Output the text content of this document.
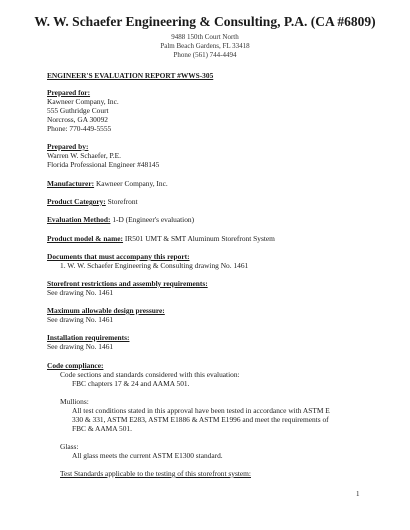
W. W. Schaefer Engineering & Consulting, P.A. (CA #6809)
9488 150th Court North
Palm Beach Gardens, FL 33418
Phone (561) 744-4494
ENGINEER'S EVALUATION REPORT #WWS-305
Prepared for:
Kawneer Company, Inc.
555 Guthridge Court
Norcross, GA 30092
Phone: 770-449-5555
Prepared by:
Warren W. Schaefer, P.E.
Florida Professional Engineer #48145
Manufacturer: Kawneer Company, Inc.
Product Category: Storefront
Evaluation Method: 1-D (Engineer's evaluation)
Product model & name: IR501 UMT & SMT Aluminum Storefront System
Documents that must accompany this report:
1. W. W. Schaefer Engineering & Consulting drawing No. 1461
Storefront restrictions and assembly requirements:
See drawing No. 1461
Maximum allowable design pressure:
See drawing No. 1461
Installation requirements:
See drawing No. 1461
Code compliance:
Code sections and standards considered with this evaluation:
FBC chapters 17 & 24 and AAMA 501.
Mullions:
All test conditions stated in this approval have been tested in accordance with ASTM E
330 & 331, ASTM E283, ASTM E1886 & ASTM E1996 and meet the requirements of
FBC & AAMA 501.
Glass:
All glass meets the current ASTM E1300 standard.
Test Standards applicable to the testing of this storefront system:
1
